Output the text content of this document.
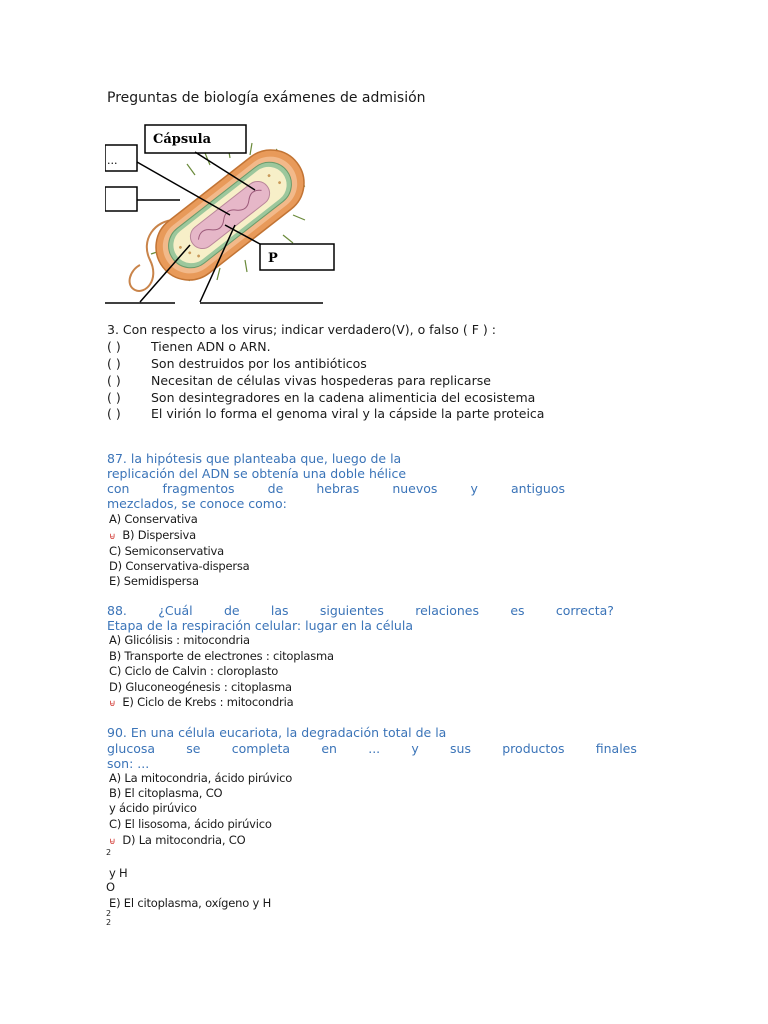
Preguntas de biología exámenes de admisión
Cápsula
...
P
3. Con respecto a los virus; indicar verdadero(V), o falso ( F ) :
( ) Tienen ADN o ARN.
( ) Son destruidos por los antibióticos
( ) Necesitan de células vivas hospederas para replicarse
( ) Son desintegradores en la cadena alimenticia del ecosistema
( ) El virión lo forma el genoma viral y la cápside la parte proteica
87. la hipótesis que planteaba que, luego de la
replicación del ADN se obtenía una doble hélice
con	fragmentos	de	hebras	nuevos	y	antiguos
mezclados, se conoce como:
A) Conservativa
⊌ B) Dispersiva
C) Semiconservativa
D) Conservativa-dispersa
E) Semidispersa
88.	¿Cuál	de	las	siguientes	relaciones	es	correcta?
Etapa de la respiración celular: lugar en la célula
A) Glicólisis : mitocondria
B) Transporte de electrones : citoplasma
C) Ciclo de Calvin : cloroplasto
D) Gluconeogénesis : citoplasma
⊌ E) Ciclo de Krebs : mitocondria
90. En una célula eucariota, la degradación total de la
glucosa	se	completa	en	...	y	sus	productos	finales
son: ...
A) La mitocondria, ácido pirúvico
B) El citoplasma, CO
y ácido pirúvico
C) El lisosoma, ácido pirúvico
⊌ D) La mitocondria, CO
2
y H
O
E) El citoplasma, oxígeno y H
2
2
